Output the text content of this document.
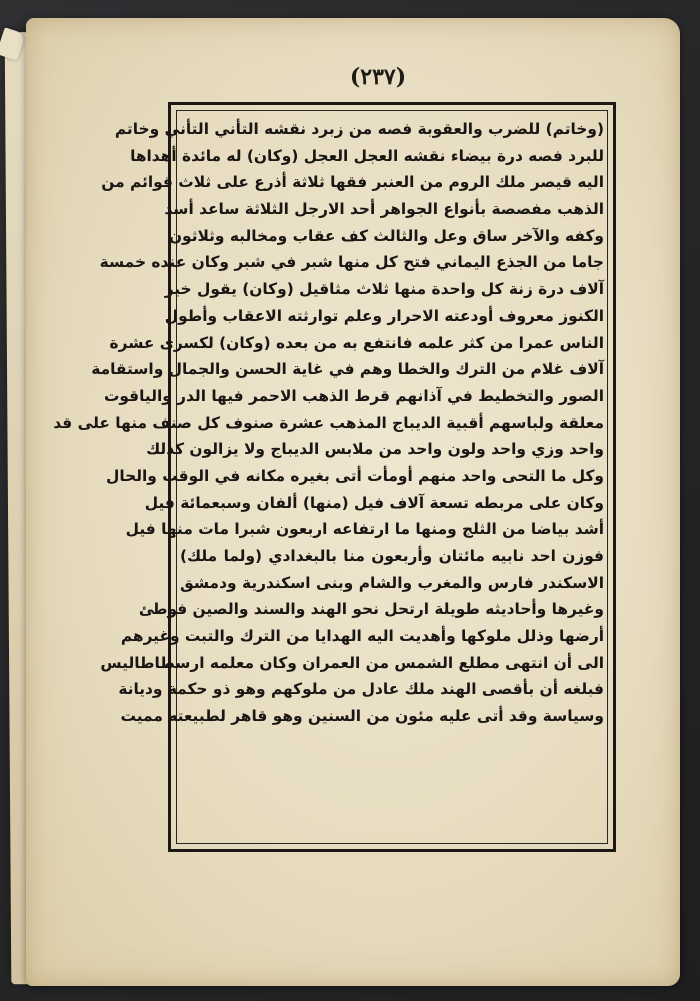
(٢٣٧)
(وخاتم) للضرب والعقوبة فصه من زبرد نقشه التأني التأني وخاتم
للبرد فصه درة بيضاء نقشه العجل العجل (وكان) له مائدة أهداها
اليه قيصر ملك الروم من العنبر فقها ثلاثة أذرع على ثلاث قوائم من
الذهب مفصصة بأنواع الجواهر أحد الارجل الثلاثة ساعد أسد
وكفه والآخر ساق وعل والثالث كف عقاب ومخالبه وثلاثون
جاما من الجذع اليماني فتح كل منها شبر في شبر وكان عنده خمسة
آلاف درة زنة كل واحدة منها ثلاث مثاقيل (وكان) يقول خير
الكنوز معروف أودعته الاحرار وعلم توارثته الاعقاب وأطول
الناس عمرا من كثر علمه فانتفع به من بعده (وكان) لكسرى عشرة
آلاف غلام من الترك والخطا وهم في غاية الحسن والجمال واستقامة
الصور والتخطيط في آذانهم قرط الذهب الاحمر فيها الدر والياقوت
معلقة ولباسهم أقبية الديباج المذهب عشرة صنوف كل صنف منها على قد
واحد وزي واحد ولون واحد من ملابس الديباج ولا يزالون كذلك
وكل ما التحى واحد منهم أومأت أتى بغيره مكانه في الوقت والحال
وكان على مربطه تسعة آلاف فيل (منها) ألفان وسبعمائة فيل
أشد بياضا من الثلج ومنها ما ارتفاعه اربعون شبرا مات منها فيل
فوزن احد نابيه مائتان وأربعون منا بالبغدادي (ولما ملك)
الاسكندر فارس والمغرب والشام وبنى اسكندرية ودمشق
وغيرها وأحاديثه طويلة ارتحل نحو الهند والسند والصين فوطئ
أرضها وذلل ملوكها وأهديت اليه الهدايا من الترك والتبت وغيرهم
الى أن انتهى مطلع الشمس من العمران وكان معلمه ارسطاطاليس
فبلغه أن بأقصى الهند ملك عادل من ملوكهم وهو ذو حكمة وديانة
وسياسة وقد أتى عليه مئون من السنين وهو قاهر لطبيعته مميت
